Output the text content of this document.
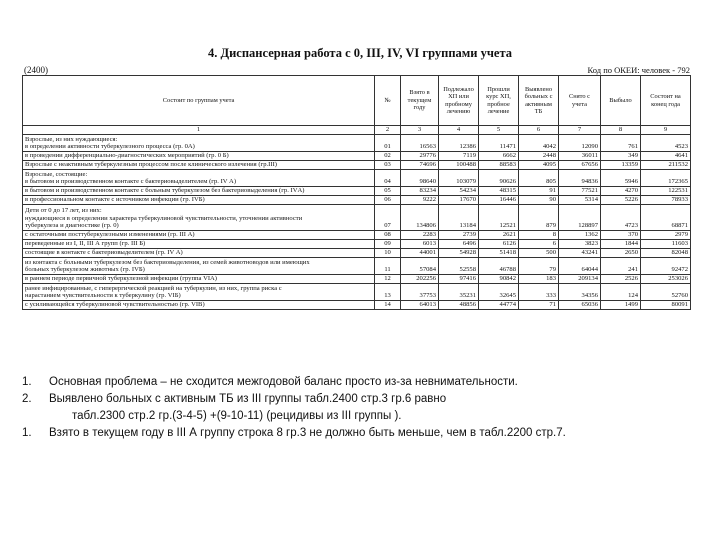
4. Диспансерная работа с 0, III, IV, VI группами учета
(2400)	Код по ОКЕИ: человек - 792
Состоит по группам учета	№	Взято в текущем году	Подлежало ХП или пробному лечению	Прошли курс ХП, пробное лечение	Выявлено больных с активным ТБ	Снято с учета	Выбыло	Состоит на конец года
1	2	3	4	5	6	7	8	9
Взрослые, из них нуждающиеся:
в определении активности туберкулезного процесса (гр. 0А)	01	16563	12386	11471	4042	12090	761	4523
в проведении дифференциально-диагностических мероприятий (гр. 0 Б)	02	29776	7119	6662	2448	36011	349	4641
Взрослые с неактивным туберкулезным процессом после клинического излечения (гр.III)	03	74696	100488	88583	4095	67656	13359	211532
Взрослые, состоящие:
в бытовом и производственном контакте с бактериовыделителем (гр. IV А)	04	98640	103079	90626	805	94836	5946	172365
в бытовом и производственном контакте с больным туберкулезом без бактериовыделения (гр. IVА)	05	83234	54234	48315	91	77521	4270	122531
в профессиональном контакте с источником инфекции (гр. IVБ)	06	9222	17670	16446	90	5314	5226	78933
Дети от 0 до 17 лет, из них:
нуждающиеся в определении характера туберкулиновой чувствительности, уточнении активности
туберкулеза и диагностике (гр. 0)	07	134806	13184	12521	879	128897	4723	68871
с остаточными посттуберкулезными изменениями (гр. III А)	08	2283	2739	2621	8	1362	370	2979
переведенные из I, II, III А групп (гр. III Б)	09	6013	6496	6126	6	3823	1844	11603
состоящие в контакте с бактериовыделителем (гр. IV А)	10	44001	54928	51418	500	43241	2650	82048
из контакта с больными туберкулезом без бактериовыделения, из семей животноводов или имеющих
больных туберкулезом животных (гр. IVБ)	11	57084	52558	46788	79	64044	241	92472
в раннем периоде первичной туберкулезной инфекции (группа VIА)	12	202256	97416	90842	183	209134	2526	253026
ранее инфицированные, с гиперергической реакцией на туберкулин, из них, группа риска с
нарастанием чувствительности к туберкулину (гр. VIБ)	13	37753	35231	32645	333	34356	124	52760
с усиливающейся туберкулиновой чувствительностью (гр. VIВ)	14	64013	48856	44774	71	65036	1499	80091
1.	Основная проблема – не сходится межгодовой баланс просто из-за невнимательности.
2.	Выявлено больных с активным ТБ из III группы табл.2400 стр.3 гр.6 равно
табл.2300 стр.2 гр.(3-4-5) +(9-10-11) (рецидивы из III группы ).
1.	Взято в текущем году в III А группу строка 8 гр.3 не должно быть меньше, чем в табл.2200 стр.7.
